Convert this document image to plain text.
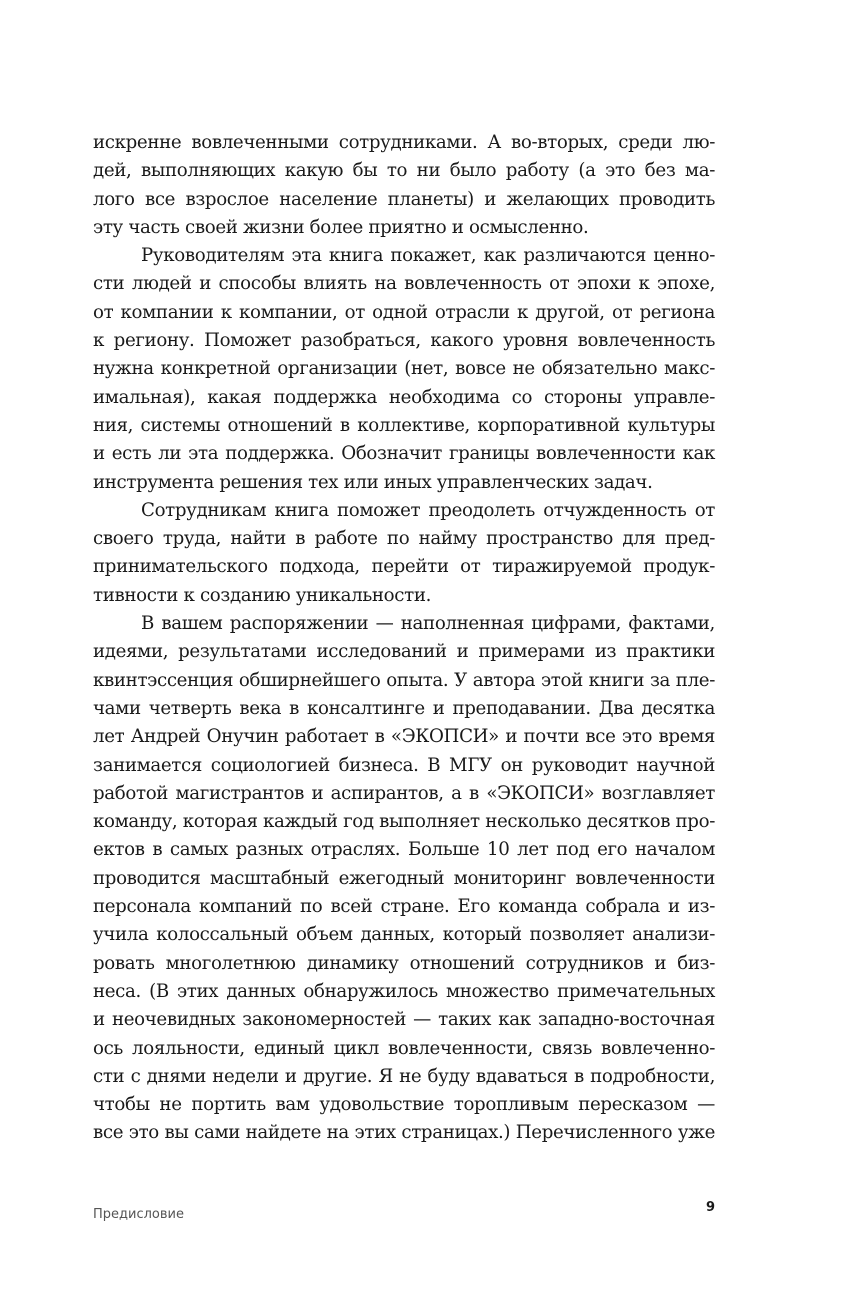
искренне вовлеченными сотрудниками. А во-вторых, среди лю-
дей, выполняющих какую бы то ни было работу (а это без ма-
лого все взрослое население планеты) и желающих проводить
эту часть своей жизни более приятно и осмысленно.
Руководителям эта книга покажет, как различаются ценно-
сти людей и способы влиять на вовлеченность от эпохи к эпохе,
от компании к компании, от одной отрасли к другой, от региона
к региону. Поможет разобраться, какого уровня вовлеченность
нужна конкретной организации (нет, вовсе не обязательно макс-
имальная), какая поддержка необходима со стороны управле-
ния, системы отношений в коллективе, корпоративной культуры
и есть ли эта поддержка. Обозначит границы вовлеченности как
инструмента решения тех или иных управленческих задач.
Сотрудникам книга поможет преодолеть отчужденность от
своего труда, найти в работе по найму пространство для пред-
принимательского подхода, перейти от тиражируемой продук-
тивности к созданию уникальности.
В вашем распоряжении — наполненная цифрами, фактами,
идеями, результатами исследований и примерами из практики
квинтэссенция обширнейшего опыта. У автора этой книги за пле-
чами четверть века в консалтинге и преподавании. Два десятка
лет Андрей Онучин работает в «ЭКОПСИ» и почти все это время
занимается социологией бизнеса. В МГУ он руководит научной
работой магистрантов и аспирантов, а в «ЭКОПСИ» возглавляет
команду, которая каждый год выполняет несколько десятков про-
ектов в самых разных отраслях. Больше 10 лет под его началом
проводится масштабный ежегодный мониторинг вовлеченности
персонала компаний по всей стране. Его команда собрала и из-
учила колоссальный объем данных, который позволяет анализи-
ровать многолетнюю динамику отношений сотрудников и биз-
неса. (В этих данных обнаружилось множество примечательных
и неочевидных закономерностей — таких как западно-восточная
ось лояльности, единый цикл вовлеченности, связь вовлеченно-
сти с днями недели и другие. Я не буду вдаваться в подробности,
чтобы не портить вам удовольствие торопливым пересказом —
все это вы сами найдете на этих страницах.) Перечисленного уже
Предисловие	9
